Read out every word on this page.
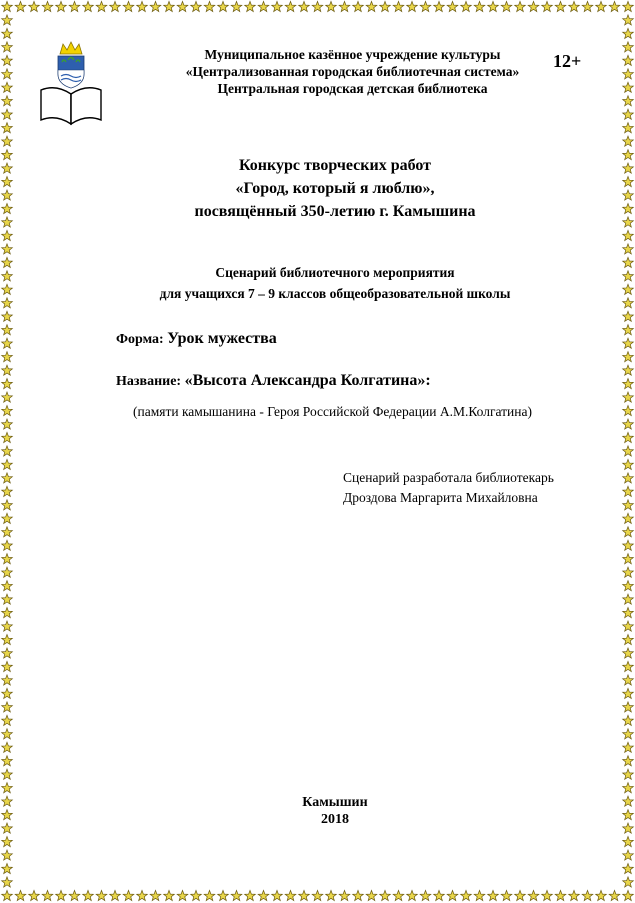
12+
Муниципальное казённое учреждение культуры
«Централизованная городская библиотечная система»
Центральная городская детская библиотека
Конкурс творческих работ
«Город, который я люблю»,
посвящённый 350-летию г. Камышина
Сценарий библиотечного мероприятия
для учащихся 7 – 9 классов общеобразовательной школы
Форма: Урок мужества
Название: «Высота Александра Колгатина»:
(памяти камышанина - Героя Российской Федерации А.М.Колгатина)
Сценарий разработала библиотекарь
Дроздова Маргарита Михайловна
Камышин
2018
